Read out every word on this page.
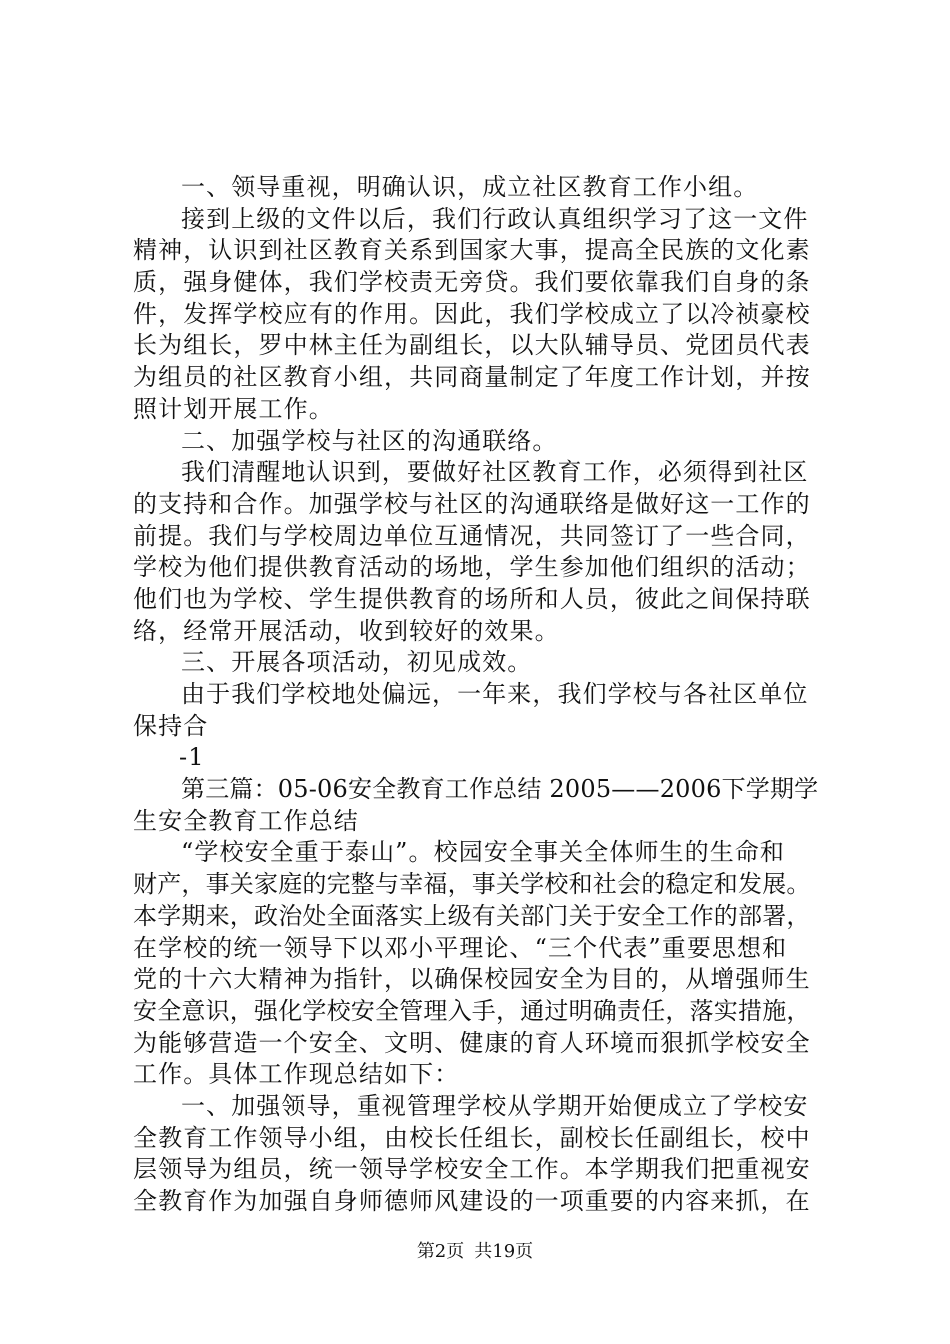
一、领导重视，明确认识，成立社区教育工作小组。
接到上级的文件以后，我们行政认真组织学习了这一文件
精神，认识到社区教育关系到国家大事，提高全民族的文化素
质，强身健体，我们学校责无旁贷。我们要依靠我们自身的条
件，发挥学校应有的作用。因此，我们学校成立了以冷祯豪校
长为组长，罗中林主任为副组长，以大队辅导员、党团员代表
为组员的社区教育小组，共同商量制定了年度工作计划，并按
照计划开展工作。
二、加强学校与社区的沟通联络。
我们清醒地认识到，要做好社区教育工作，必须得到社区
的支持和合作。加强学校与社区的沟通联络是做好这一工作的
前提。我们与学校周边单位互通情况，共同签订了一些合同，
学校为他们提供教育活动的场地，学生参加他们组织的活动；
他们也为学校、学生提供教育的场所和人员，彼此之间保持联
络，经常开展活动，收到较好的效果。
三、开展各项活动，初见成效。
由于我们学校地处偏远，一年来，我们学校与各社区单位
保持合
-1
第三篇：05-06安全教育工作总结 2005——2006下学期学
生安全教育工作总结
“学校安全重于泰山”。校园安全事关全体师生的生命和
财产，事关家庭的完整与幸福，事关学校和社会的稳定和发展。
本学期来，政治处全面落实上级有关部门关于安全工作的部署，
在学校的统一领导下以邓小平理论、“三个代表”重要思想和
党的十六大精神为指针，以确保校园安全为目的，从增强师生
安全意识，强化学校安全管理入手，通过明确责任，落实措施，
为能够营造一个安全、文明、健康的育人环境而狠抓学校安全
工作。具体工作现总结如下：
一、加强领导，重视管理学校从学期开始便成立了学校安
全教育工作领导小组，由校长任组长，副校长任副组长，校中
层领导为组员，统一领导学校安全工作。本学期我们把重视安
全教育作为加强自身师德师风建设的一项重要的内容来抓，在
第2页 共19页
